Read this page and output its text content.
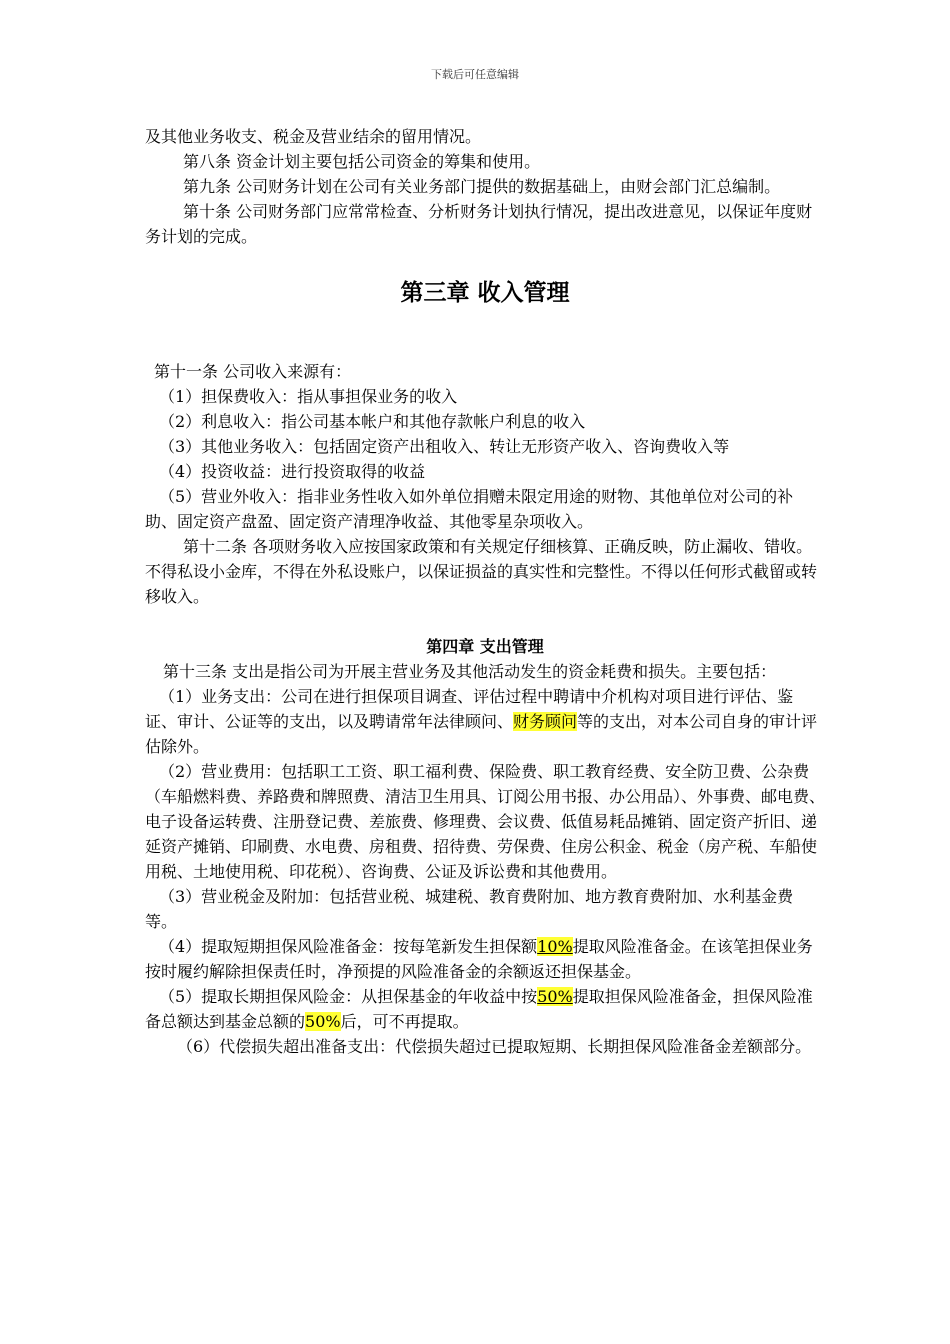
下载后可任意编辑

及其他业务收支、税金及营业结余的留用情况。

第八条 资金计划主要包括公司资金的筹集和使用。

第九条 公司财务计划在公司有关业务部门提供的数据基础上，由财会部门汇总编制。

第十条 公司财务部门应常常检查、分析财务计划执行情况，提出改进意见，以保证年度财务计划的完成。

第三章 收入管理

第十一条 公司收入来源有：

（1）担保费收入：指从事担保业务的收入

（2）利息收入：指公司基本帐户和其他存款帐户利息的收入

（3）其他业务收入：包括固定资产出租收入、转让无形资产收入、咨询费收入等

（4）投资收益：进行投资取得的收益

（5）营业外收入：指非业务性收入如外单位捐赠未限定用途的财物、其他单位对公司的补助、固定资产盘盈、固定资产清理净收益、其他零星杂项收入。

第十二条 各项财务收入应按国家政策和有关规定仔细核算、正确反映，防止漏收、错收。不得私设小金库，不得在外私设账户，以保证损益的真实性和完整性。不得以任何形式截留或转移收入。

第四章 支出管理

第十三条 支出是指公司为开展主营业务及其他活动发生的资金耗费和损失。主要包括：

（1）业务支出：公司在进行担保项目调查、评估过程中聘请中介机构对项目进行评估、鉴证、审计、公证等的支出，以及聘请常年法律顾问、财务顾问等的支出，对本公司自身的审计评估除外。

（2）营业费用：包括职工工资、职工福利费、保险费、职工教育经费、安全防卫费、公杂费（车船燃料费、养路费和牌照费、清洁卫生用具、订阅公用书报、办公用品）、外事费、邮电费、电子设备运转费、注册登记费、差旅费、修理费、会议费、低值易耗品摊销、固定资产折旧、递延资产摊销、印刷费、水电费、房租费、招待费、劳保费、住房公积金、税金（房产税、车船使用税、土地使用税、印花税）、咨询费、公证及诉讼费和其他费用。

（3）营业税金及附加：包括营业税、城建税、教育费附加、地方教育费附加、水利基金费等。

（4）提取短期担保风险准备金：按每笔新发生担保额10%提取风险准备金。在该笔担保业务按时履约解除担保责任时，净预提的风险准备金的余额返还担保基金。

（5）提取长期担保风险金：从担保基金的年收益中按50%提取担保风险准备金，担保风险准备总额达到基金总额的50%后，可不再提取。

（6）代偿损失超出准备支出：代偿损失超过已提取短期、长期担保风险准备金差额部分。
